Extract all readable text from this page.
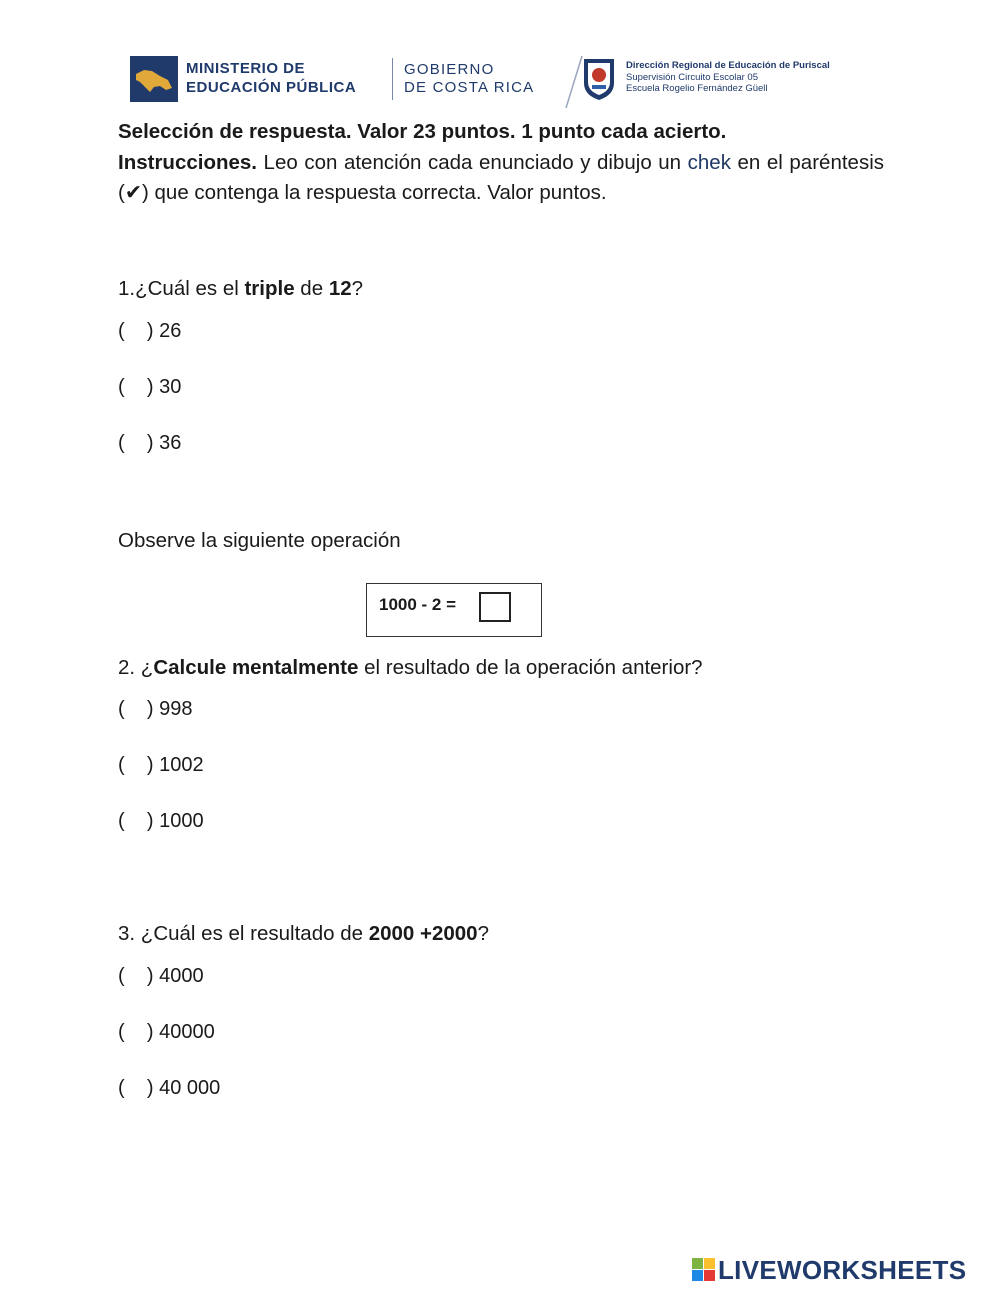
MINISTERIO DE
EDUCACIÓN PÚBLICA
GOBIERNO
DE COSTA RICA
Dirección Regional de Educación de Puriscal
Supervisión Circuito Escolar 05
Escuela Rogelio Fernández Güell
Selección de respuesta. Valor 23 puntos. 1 punto cada acierto.
Instrucciones. Leo con atención cada enunciado y dibujo un chek en el paréntesis (✔) que contenga la respuesta correcta. Valor puntos.
1.¿Cuál es el triple de 12?
(    ) 26
(    ) 30
(    ) 36
Observe la siguiente operación
1000 - 2 =
2. ¿Calcule mentalmente el resultado de la operación anterior?
(    ) 998
(    ) 1002
(    ) 1000
3. ¿Cuál es el resultado de 2000 +2000?
(    ) 4000
(    ) 40000
(    ) 40 000
LIVEWORKSHEETS
